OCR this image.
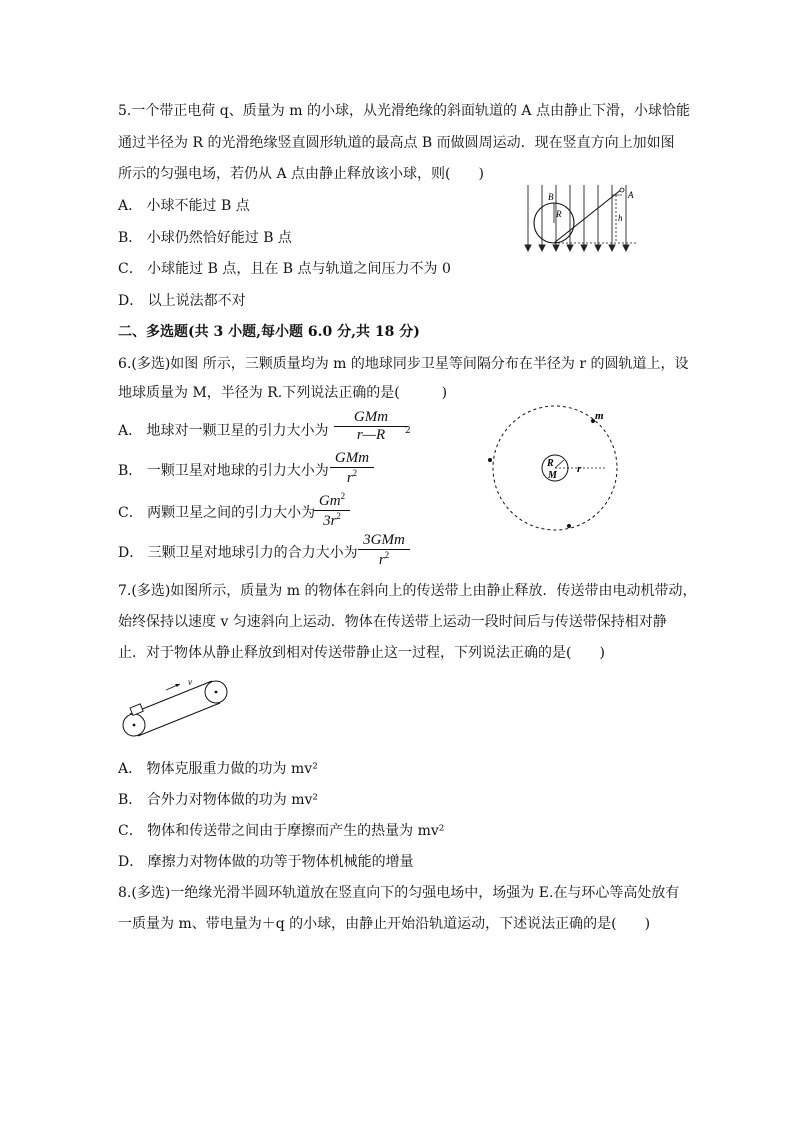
5.一个带正电荷 q、质量为 m 的小球，从光滑绝缘的斜面轨道的 A 点由静止下滑，小球恰能
通过半径为 R 的光滑绝缘竖直圆形轨道的最高点 B 而做圆周运动．现在竖直方向上加如图
所示的匀强电场，若仍从 A 点由静止释放该小球，则(　　)
A． 小球不能过 B 点
B． 小球仍然恰好能过 B 点
C． 小球能过 B 点，且在 B 点与轨道之间压力不为 0
D． 以上说法都不对
B
R
A
h
二、多选题(共 3 小题,每小题 6.0 分,共 18 分)
6.(多选)如图 所示，三颗质量均为 m 的地球同步卫星等间隔分布在半径为 r 的圆轨道上，设
地球质量为 M，半径为 R.下列说法正确的是(　　　)
A． 地球对一颗卫星的引力大小为
GMm
r—R	2
B． 一颗卫星对地球的引力大小为
GMm
$r^2$
C． 两颗卫星之间的引力大小为
Gm$^2$
$3r^2$
D． 三颗卫星对地球引力的合力大小为
3GMm
$r^2$
m
R
M
r
7.(多选)如图所示，质量为 m 的物体在斜向上的传送带上由静止释放．传送带由电动机带动，
始终保持以速度 v 匀速斜向上运动．物体在传送带上运动一段时间后与传送带保持相对静
止．对于物体从静止释放到相对传送带静止这一过程，下列说法正确的是(　　)
v
A． 物体克服重力做的功为 mv²
B． 合外力对物体做的功为 mv²
C． 物体和传送带之间由于摩擦而产生的热量为 mv²
D． 摩擦力对物体做的功等于物体机械能的增量
8.(多选)一绝缘光滑半圆环轨道放在竖直向下的匀强电场中，场强为 E.在与环心等高处放有
一质量为 m、带电量为＋q 的小球，由静止开始沿轨道运动，下述说法正确的是(　　)
